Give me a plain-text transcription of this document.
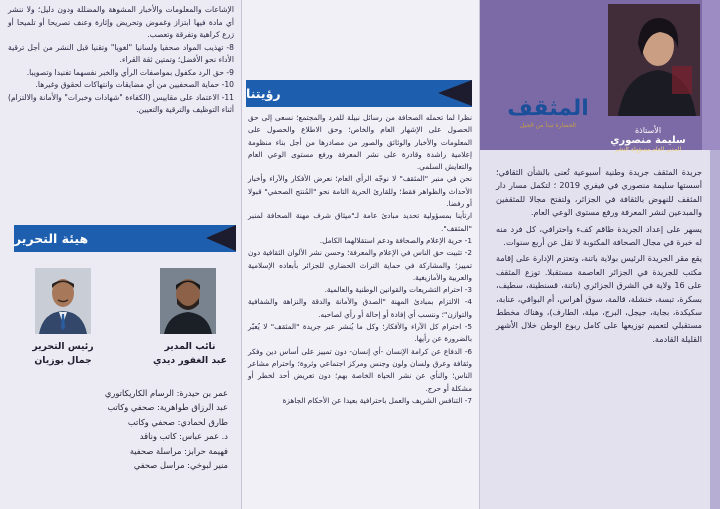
الإشاعات والمعلومات والأخبار المشوهة والمضللة ودون دليل؛ ولا ننشر أي مادة فيها ابتزاز وغموض وتحريض وإثارة وعنف تصريحا أو تلميحا أو زرع كراهية وتفرقة وتعصب.

8- تهذيب المواد صحفيا ولسانيا "لغويا" وتقنيا قبل النشر من أجل ترقية الأداء نحو الأفضل؛ وتمتين ثقة القراء.

9- حق الرد مكفول بمواصفات الرأي والخبر نفسهما تفنيدا وتصويبا.

10- حماية الصحفيين من أي مضايقات وانتهاكات لحقوق وغيرها.

11- الاعتماد على مقاييس (الكفاءة "شهادات وخبرات" والأمانة والالتزام) أثناء التوظيف والترقية والتعيين.

هيئة التحرير
نائب المدير
عبد الغفور ديدي
رئيس التحرير
جمال بوزيان
عمر بن حيدرة: الرسام الكاريكاتوري
عبد الرزاق طواهرية: صحفي وكاتب
طارق لحمادي: صحفي وكاتب
د. عمر عباس: كاتب وناقد
فهيمة حرابز: مراسلة صحفية
منير لبوخي: مراسل صحفي
رؤيتنا

نظرا لما تحمله الصحافة من رسائل نبيلة للفرد والمجتمع؛ نسعى إلى حق الحصول على الإشهار العام والخاص؛ وحق الاطلاع والحصول على المعلومات والأخبار والوثائق والصور من مصادرها من أجل بناء منظومة إعلامية راشدة وقادرة على نشر المعرفة ورفع مستوى الوعي العام والتعايش السلمي.

نحن في منبر "المثقف" لا نوجّه الرأي العام؛ نعرض الأفكار والآراء وأخبار الأحداث والظواهر فقط؛ وللقارئ الحرية التامة نحو "المُنتج الصحفي" قبولا أو رفضا.

ارتأينا بمسؤولية تحديد مبادئ عامة لـ"ميثاق شرف مهنة الصحافة لمنبر "المثقف".

1- حرية الإعلام والصحافة ودعم استقلالهما الكامل.

2- تثبيت حق الناس في الإعلام والمعرفة؛ وحسن نشر الألوان الثقافية دون تمييز؛ والمشاركة في حماية التراث الحضاري للجزائر بأبعاده الإسلامية والعربية والأمازيغية.

3- احترام التشريعات والقوانين الوطنية والعالمية.

4- الالتزام بمبادئ المهنة "الصدق والأمانة والدقة والنزاهة والشفافية والتوازن"؛ وننسب أي إفادة أو إحالة أو رأي لصاحبه.

5- احترام كل الآراء والأفكار؛ وكل ما يُنشر عبر جريدة "المثقف" لا يُعبّر بالضرورة عن رأيها.

6- الدفاع عن كرامة الإنسان -أي إنسان- دون تمييز على أساس دين وفكر وثقافة وعرق ولسان ولون وجنس ومركز اجتماعي وثروة؛ واحترام مشاعر الناس؛ والنأي عن نشر الحياة الخاصة بهم؛ دون تعريض أحد لخطر أو مشكلة أو حرج.

7- التنافس الشريف والعمل باحترافية بعيدا عن الأحكام الجاهزة

الأستاذة
سليمة منصوري
المدير العام مسؤولة النشر
المثقف
الحضارة تبدأ من الجيل

جريدة المثقف جريدة وطنية أسبوعية تُعنى بالشأن الثقافي؛ أسستها سليمة منصوري في فيفري 2019 ؛ لتكمل مسار دار المثقف للنهوض بالثقافة في الجزائر، ولتفتح مجالا للمثقفين والمبدعين لنشر المعرفة ورفع مستوى الوعي العام.

يسهر على إعداد الجريدة طاقم كفء واحترافي، كل فرد منه له خبرة في مجال الصحافة المكتوبة لا تقل عن أربع سنوات.

يقع مقر الجريدة الرئيس بولاية باتنة، وتعتزم الإدارة على إقامة مكتب للجريدة في الجزائر العاصمة مستقبلا. توزع المثقف على 16 ولاية في الشرق الجزائري (باتنة، قسنطينة، سطيف، بسكرة، تبسة، خنشلة، قالمة، سوق أهراس، أم البواقي، عنابة، سكيكدة، بجاية، جيجل، البرج، ميلة، الطارف)، وهناك مخطط مستقبلي لتعميم توزيعها على كامل ربوع الوطن خلال الأشهر القليلة القادمة.
